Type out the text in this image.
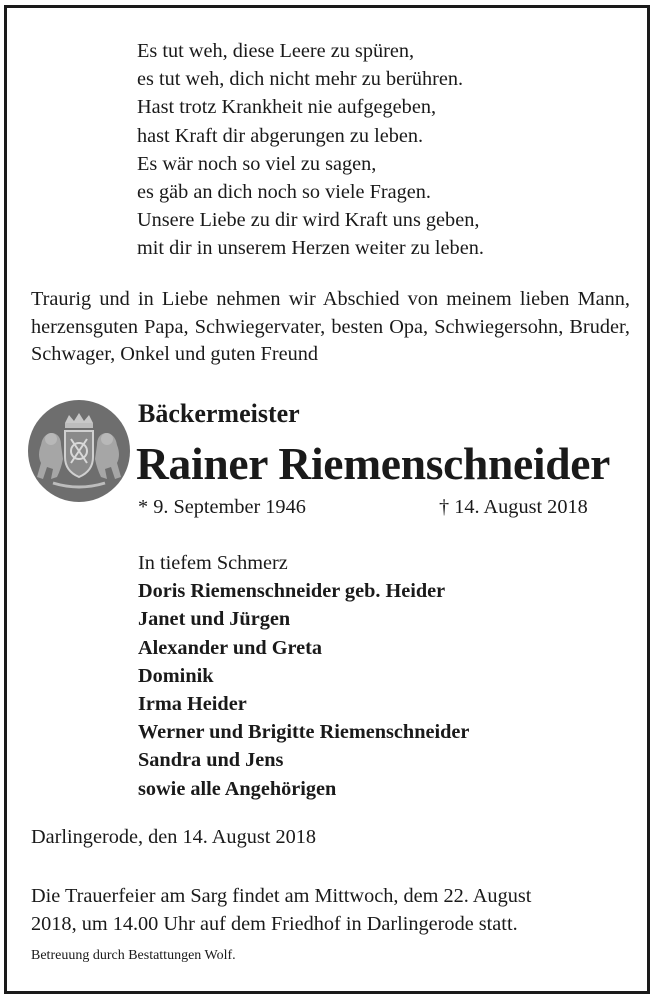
Es tut weh, diese Leere zu spüren,
es tut weh, dich nicht mehr zu berühren.
Hast trotz Krankheit nie aufgegeben,
hast Kraft dir abgerungen zu leben.
Es wär noch so viel zu sagen,
es gäb an dich noch so viele Fragen.
Unsere Liebe zu dir wird Kraft uns geben,
mit dir in unserem Herzen weiter zu leben.
Traurig und in Liebe nehmen wir Abschied von meinem lieben Mann, herzensguten Papa, Schwiegervater, besten Opa, Schwiegersohn, Bruder, Schwager, Onkel und guten Freund
Bäckermeister
Rainer Riemenschneider
* 9. September 1946	† 14. August 2018
In tiefem Schmerz
Doris Riemenschneider geb. Heider
Janet und Jürgen
Alexander und Greta
Dominik
Irma Heider
Werner und Brigitte Riemenschneider
Sandra und Jens
sowie alle Angehörigen
Darlingerode, den 14. August 2018
Die Trauerfeier am Sarg findet am Mittwoch, dem 22. August
2018, um 14.00 Uhr auf dem Friedhof in Darlingerode statt.
Betreuung durch Bestattungen Wolf.
